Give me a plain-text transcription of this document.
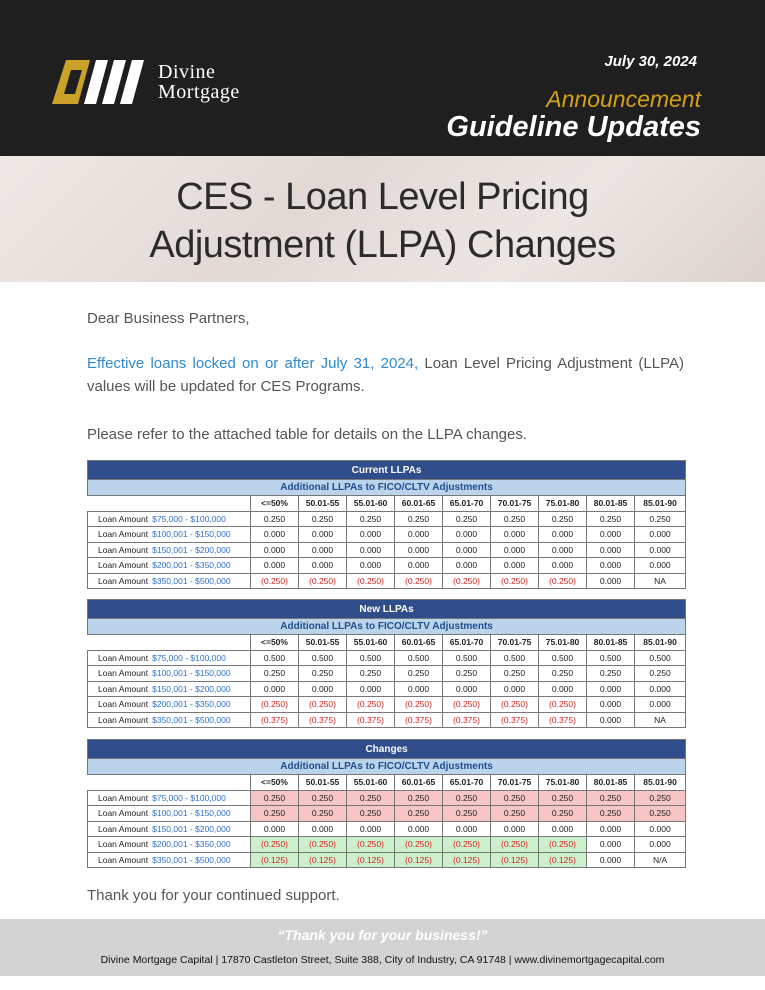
Divine
Mortgage
July 30, 2024
Announcement
Guideline Updates
CES - Loan Level Pricing
Adjustment (LLPA) Changes
Dear Business Partners,
Effective loans locked on or after July 31, 2024, Loan Level Pricing Adjustment (LLPA) values will be updated for CES Programs.
Please refer to the attached table for details on the LLPA changes.
Current LLPAs									
Additional LLPAs to FICO/CLTV Adjustments									
	<=50%	50.01-55	55.01-60	60.01-65	65.01-70	70.01-75	75.01-80	80.01-85	85.01-90
Loan Amount $75,000 - $100,000	0.250	0.250	0.250	0.250	0.250	0.250	0.250	0.250	0.250
Loan Amount $100,001 - $150,000	0.000	0.000	0.000	0.000	0.000	0.000	0.000	0.000	0.000
Loan Amount $150,001 - $200,000	0.000	0.000	0.000	0.000	0.000	0.000	0.000	0.000	0.000
Loan Amount $200,001 - $350,000	0.000	0.000	0.000	0.000	0.000	0.000	0.000	0.000	0.000
Loan Amount $350,001 - $500,000	(0.250)	(0.250)	(0.250)	(0.250)	(0.250)	(0.250)	(0.250)	0.000	NA
New LLPAs									
Additional LLPAs to FICO/CLTV Adjustments									
	<=50%	50.01-55	55.01-60	60.01-65	65.01-70	70.01-75	75.01-80	80.01-85	85.01-90
Loan Amount $75,000 - $100,000	0.500	0.500	0.500	0.500	0.500	0.500	0.500	0.500	0.500
Loan Amount $100,001 - $150,000	0.250	0.250	0.250	0.250	0.250	0.250	0.250	0.250	0.250
Loan Amount $150,001 - $200,000	0.000	0.000	0.000	0.000	0.000	0.000	0.000	0.000	0.000
Loan Amount $200,001 - $350,000	(0.250)	(0.250)	(0.250)	(0.250)	(0.250)	(0.250)	(0.250)	0.000	0.000
Loan Amount $350,001 - $500,000	(0.375)	(0.375)	(0.375)	(0.375)	(0.375)	(0.375)	(0.375)	0.000	NA
Changes									
Additional LLPAs to FICO/CLTV Adjustments									
	<=50%	50.01-55	55.01-60	60.01-65	65.01-70	70.01-75	75.01-80	80.01-85	85.01-90
Loan Amount $75,000 - $100,000	0.250	0.250	0.250	0.250	0.250	0.250	0.250	0.250	0.250
Loan Amount $100,001 - $150,000	0.250	0.250	0.250	0.250	0.250	0.250	0.250	0.250	0.250
Loan Amount $150,001 - $200,000	0.000	0.000	0.000	0.000	0.000	0.000	0.000	0.000	0.000
Loan Amount $200,001 - $350,000	(0.250)	(0.250)	(0.250)	(0.250)	(0.250)	(0.250)	(0.250)	0.000	0.000
Loan Amount $350,001 - $500,000	(0.125)	(0.125)	(0.125)	(0.125)	(0.125)	(0.125)	(0.125)	0.000	N/A
Thank you for your continued support.
“Thank you for your business!”
Divine Mortgage Capital | 17870 Castleton Street, Suite 388, City of Industry, CA 91748 | www.divinemortgagecapital.com
